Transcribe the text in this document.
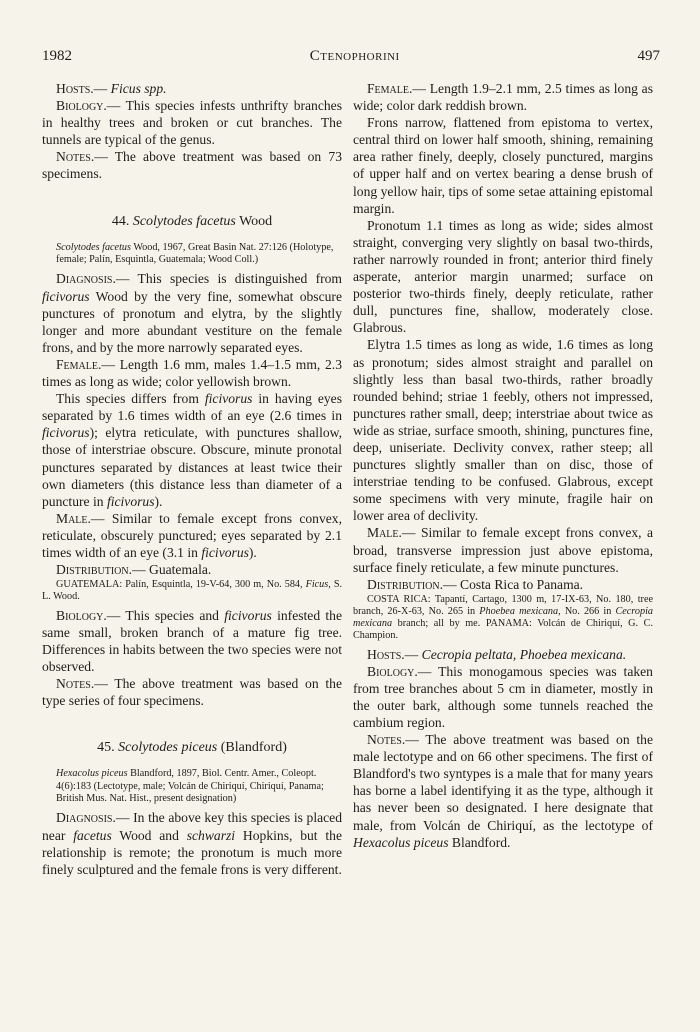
1982	Ctenophorini	497

Hosts.— Ficus spp.

Biology.— This species infests unthrifty branches in healthy trees and broken or cut branches. The tunnels are typical of the genus.

Notes.— The above treatment was based on 73 specimens.

44. Scolytodes facetus Wood

Scolytodes facetus Wood, 1967, Great Basin Nat. 27:126 (Holotype, female; Palín, Esquintla, Guatemala; Wood Coll.)

Diagnosis.— This species is distinguished from ficivorus Wood by the very fine, somewhat obscure punctures of pronotum and elytra, by the slightly longer and more abundant vestiture on the female frons, and by the more narrowly separated eyes.

Female.— Length 1.6 mm, males 1.4–1.5 mm, 2.3 times as long as wide; color yellowish brown.

This species differs from ficivorus in having eyes separated by 1.6 times width of an eye (2.6 times in ficivorus); elytra reticulate, with punctures shallow, those of interstriae obscure. Obscure, minute pronotal punctures separated by distances at least twice their own diameters (this distance less than diameter of a puncture in ficivorus).

Male.— Similar to female except frons convex, reticulate, obscurely punctured; eyes separated by 2.1 times width of an eye (3.1 in ficivorus).

Distribution.— Guatemala.

GUATEMALA: Palín, Esquintla, 19-V-64, 300 m, No. 584, Ficus, S. L. Wood.

Biology.— This species and ficivorus infested the same small, broken branch of a mature fig tree. Differences in habits between the two species were not observed.

Notes.— The above treatment was based on the type series of four specimens.

45. Scolytodes piceus (Blandford)

Hexacolus piceus Blandford, 1897, Biol. Centr. Amer., Coleopt. 4(6):183 (Lectotype, male; Volcán de Chiriquí, Chiriquí, Panama; British Mus. Nat. Hist., present designation)

Diagnosis.— In the above key this species is placed near facetus Wood and schwarzi Hopkins, but the relationship is remote; the pronotum is much more finely sculptured and the female frons is very different.

Female.— Length 1.9–2.1 mm, 2.5 times as long as wide; color dark reddish brown.

Frons narrow, flattened from epistoma to vertex, central third on lower half smooth, shining, remaining area rather finely, deeply, closely punctured, margins of upper half and on vertex bearing a dense brush of long yellow hair, tips of some setae attaining epistomal margin.

Pronotum 1.1 times as long as wide; sides almost straight, converging very slightly on basal two-thirds, rather narrowly rounded in front; anterior third finely asperate, anterior margin unarmed; surface on posterior two-thirds finely, deeply reticulate, rather dull, punctures fine, shallow, moderately close. Glabrous.

Elytra 1.5 times as long as wide, 1.6 times as long as pronotum; sides almost straight and parallel on slightly less than basal two-thirds, rather broadly rounded behind; striae 1 feebly, others not impressed, punctures rather small, deep; interstriae about twice as wide as striae, surface smooth, shining, punctures fine, deep, uniseriate. Declivity convex, rather steep; all punctures slightly smaller than on disc, those of interstriae tending to be confused. Glabrous, except some specimens with very minute, fragile hair on lower area of declivity.

Male.— Similar to female except frons convex, a broad, transverse impression just above epistoma, surface finely reticulate, a few minute punctures.

Distribution.— Costa Rica to Panama.

COSTA RICA: Tapantí, Cartago, 1300 m, 17-IX-63, No. 180, tree branch, 26-X-63, No. 265 in Phoebea mexicana, No. 266 in Cecropia mexicana branch; all by me. PANAMA: Volcán de Chiriquí, G. C. Champion.

Hosts.— Cecropia peltata, Phoebea mexicana.

Biology.— This monogamous species was taken from tree branches about 5 cm in diameter, mostly in the outer bark, although some tunnels reached the cambium region.

Notes.— The above treatment was based on the male lectotype and on 66 other specimens. The first of Blandford's two syntypes is a male that for many years has borne a label identifying it as the type, although it has never been so designated. I here designate that male, from Volcán de Chiriquí, as the lectotype of Hexacolus piceus Blandford.
